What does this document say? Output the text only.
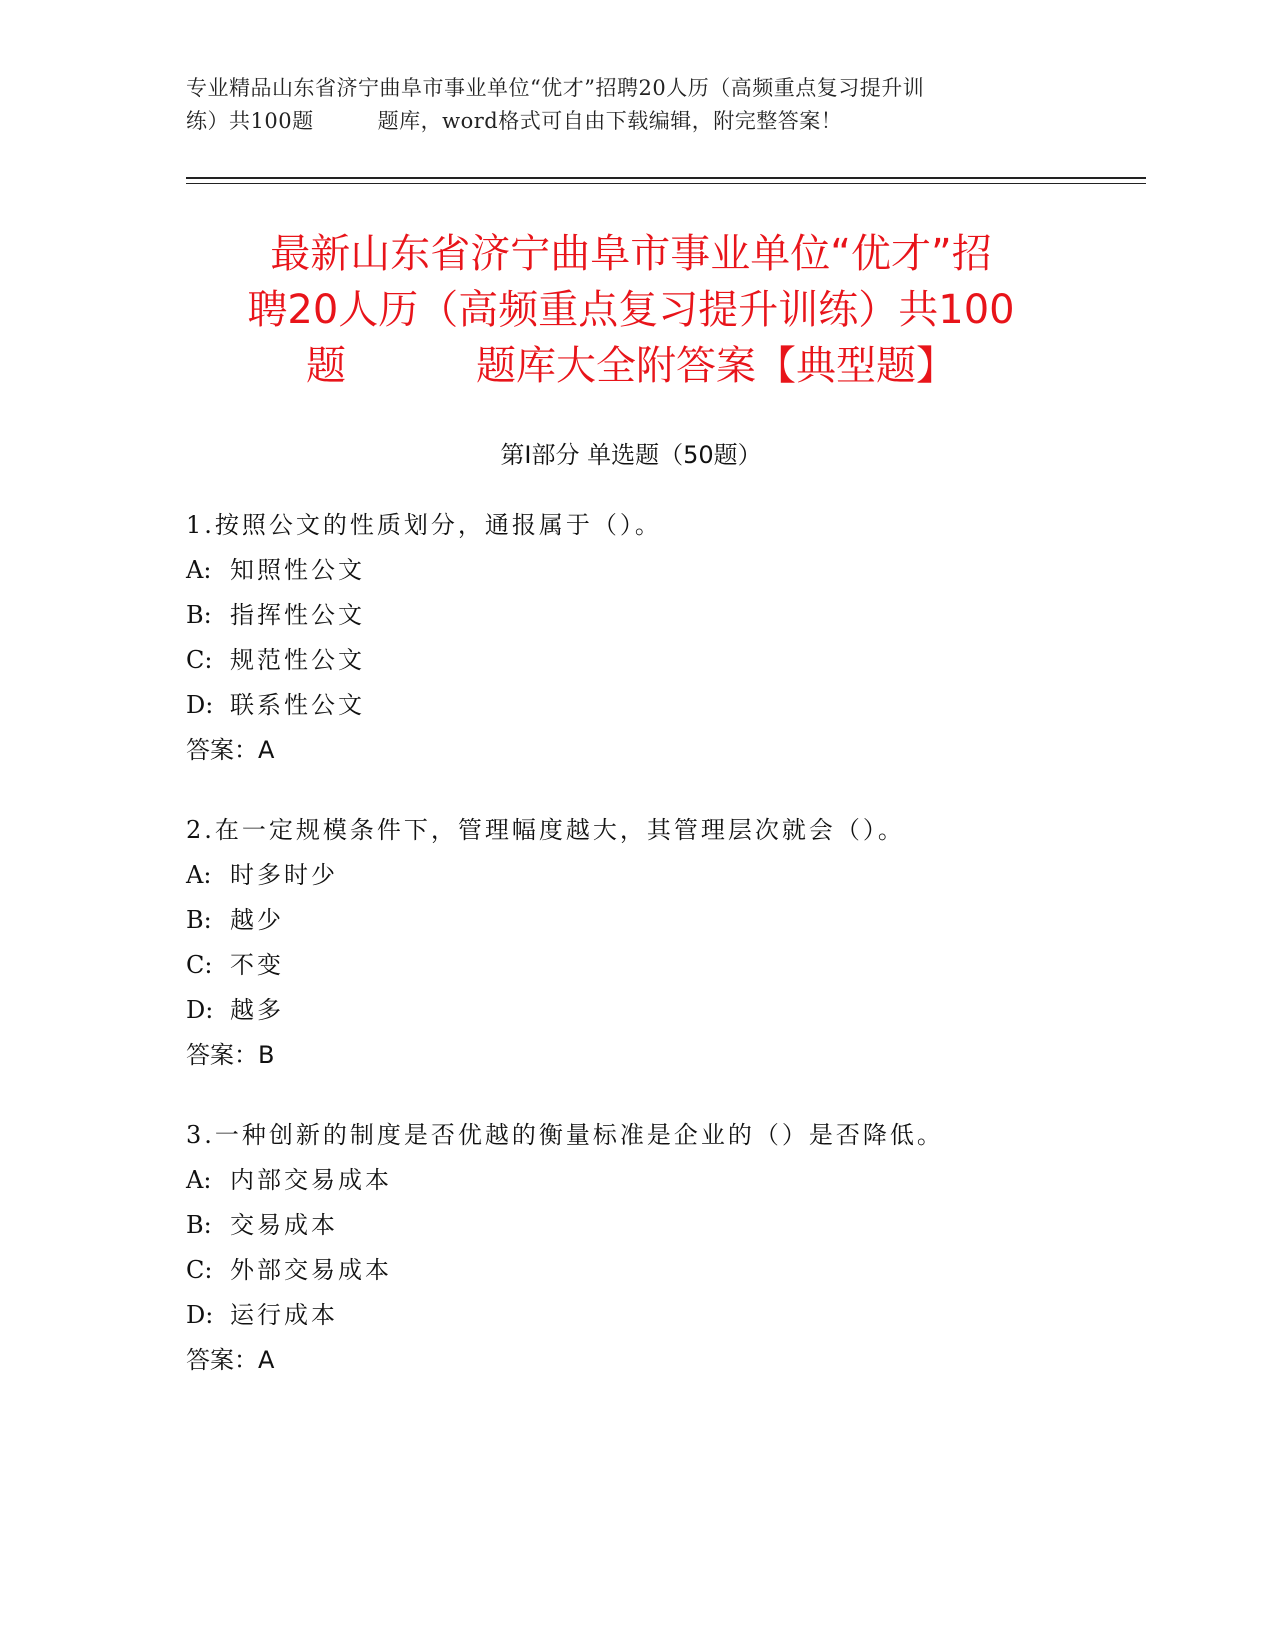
专业精品山东省济宁曲阜市事业单位“优才”招聘20人历（高频重点复习提升训
练）共100题	题库，word格式可自由下载编辑，附完整答案！
最新山东省济宁曲阜市事业单位“优才”招
聘20人历（高频重点复习提升训练）共100
题	题库大全附答案【典型题】
第Ⅰ部分 单选题（50题）
1.按照公文的性质划分，通报属于（）。
A: 知照性公文
B: 指挥性公文
C: 规范性公文
D: 联系性公文
答案：A
2.在一定规模条件下，管理幅度越大，其管理层次就会（）。
A: 时多时少
B: 越少
C: 不变
D: 越多
答案：B
3.一种创新的制度是否优越的衡量标准是企业的（）是否降低。
A: 内部交易成本
B: 交易成本
C: 外部交易成本
D: 运行成本
答案：A
